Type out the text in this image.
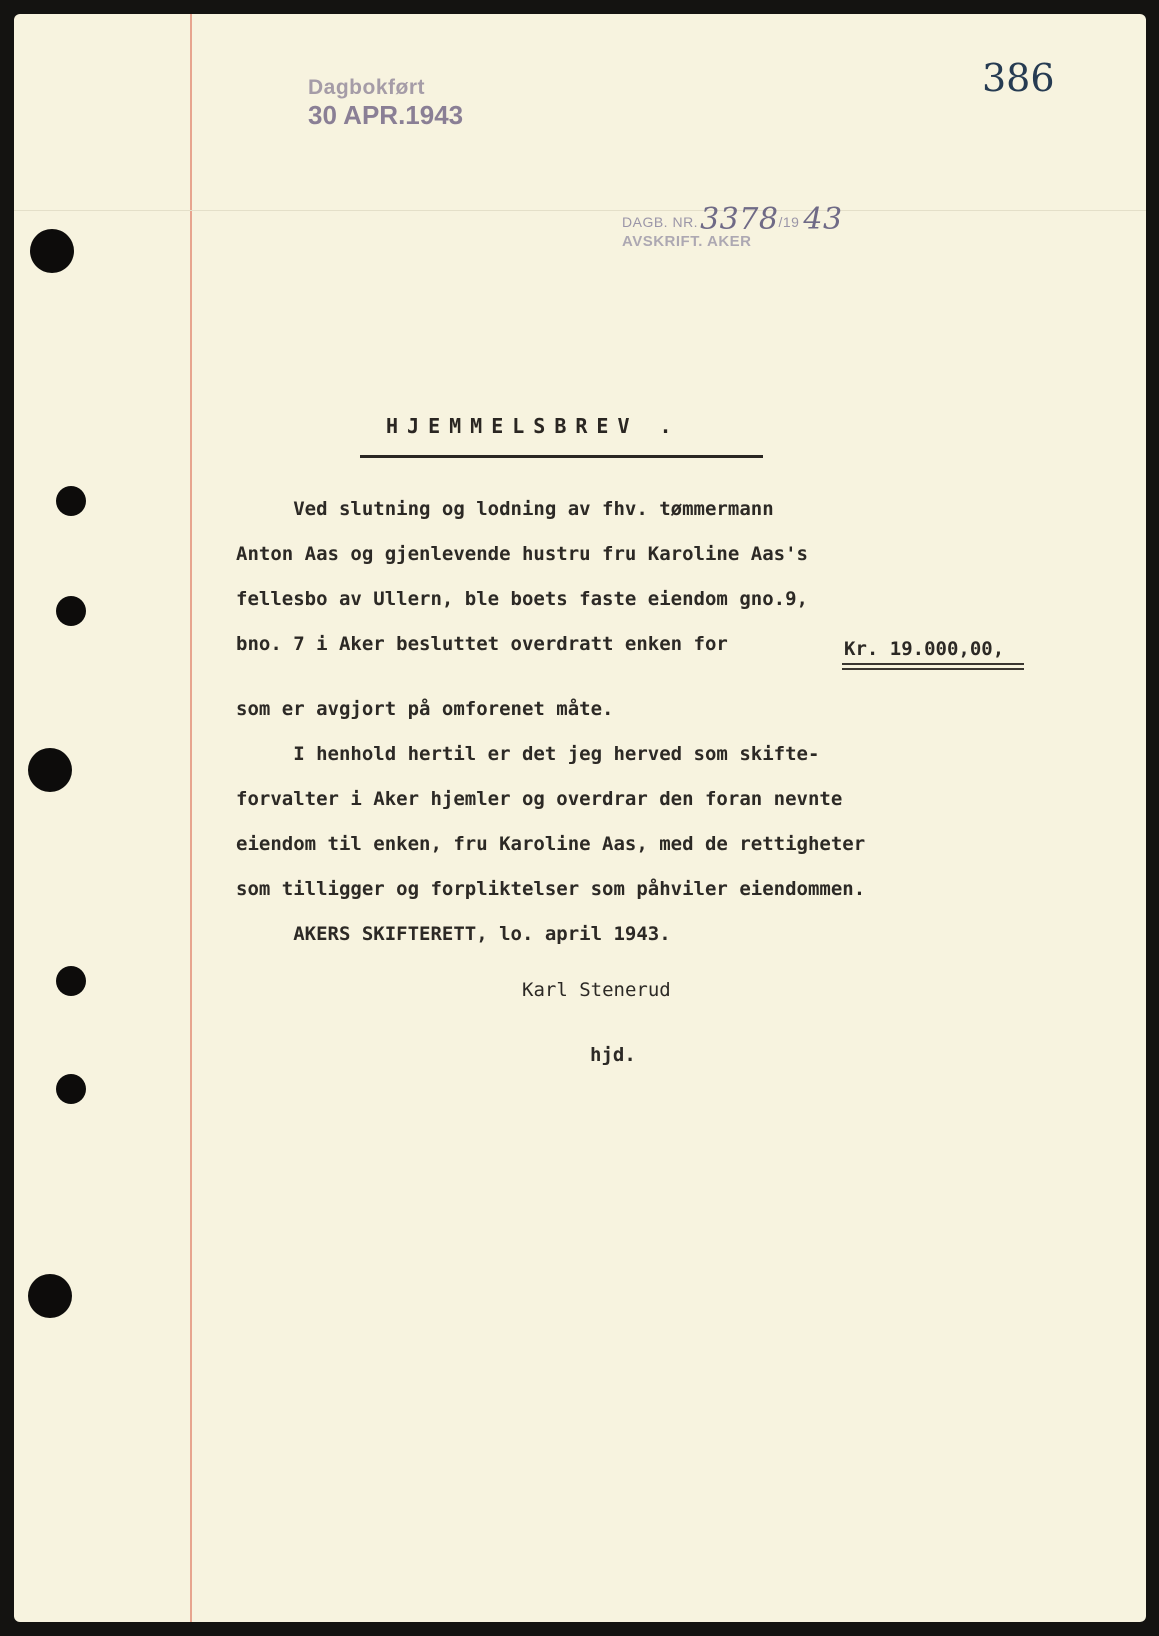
Dagbokført
30 APR.1943
386
DAGB. NR.3378/19 43
AVSKRIFT. AKER
HJEMMELSBREV .
Ved slutning og lodning av fhv. tømmermann
Anton Aas og gjenlevende hustru fru Karoline Aas's
fellesbo av Ullern, ble boets faste eiendom gno.9,
bno. 7 i Aker besluttet overdratt enken for	Kr. 19.000,00,
som er avgjort på omforenet måte.
I henhold hertil er det jeg herved som skifte-
forvalter i Aker hjemler og overdrar den foran nevnte
eiendom til enken, fru Karoline Aas, med de rettigheter
som tilligger og forpliktelser som påhviler eiendommen.
AKERS SKIFTERETT, lo. april 1943.
Karl Stenerud
hjd.
